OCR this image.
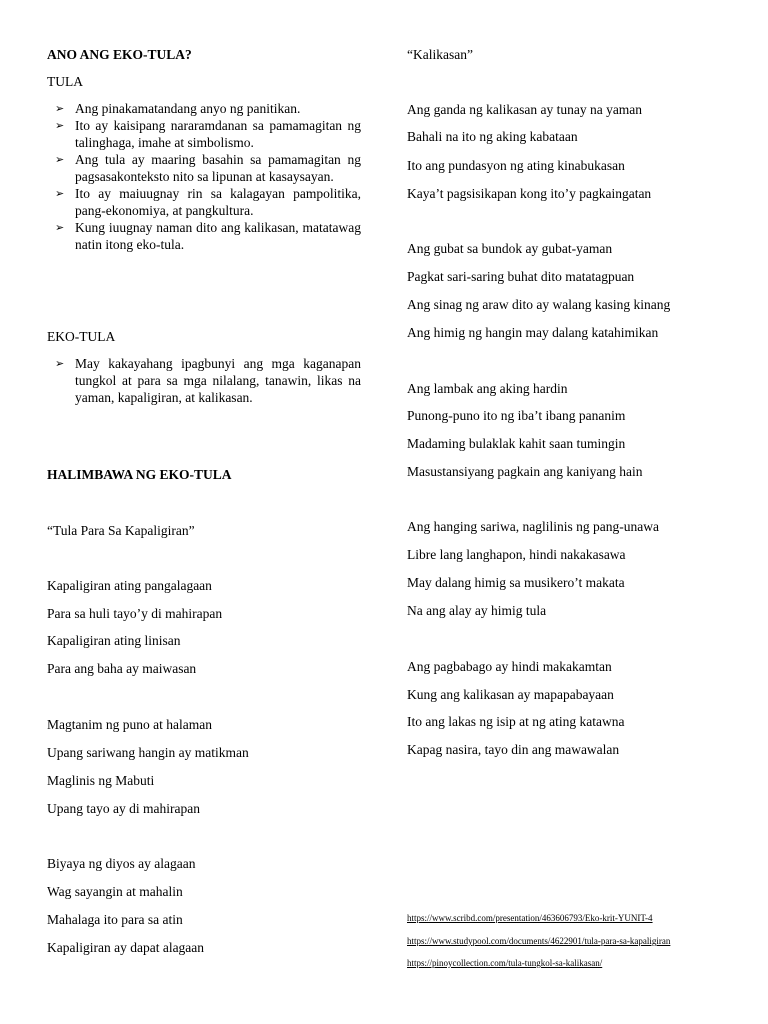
ANO ANG EKO-TULA?
TULA
➢ Ang pinakamatandang anyo ng panitikan.
➢ Ito ay kaisipang nararamdanan sa pamamagitan ng talinghaga, imahe at simbolismo.
➢ Ang tula ay maaring basahin sa pamamagitan ng pagsasakonteksto nito sa lipunan at kasaysayan.
➢ Ito ay maiuugnay rin sa kalagayan pampolitika, pang-ekonomiya, at pangkultura.
➢ Kung iuugnay naman dito ang kalikasan, matatawag natin itong eko-tula.
EKO-TULA
➢ May kakayahang ipagbunyi ang mga kaganapan tungkol at para sa mga nilalang, tanawin, likas na yaman, kapaligiran, at kalikasan.
HALIMBAWA NG EKO-TULA
“Tula Para Sa Kapaligiran”
Kapaligiran ating pangalagaan
Para sa huli tayo’y di mahirapan
Kapaligiran ating linisan
Para ang baha ay maiwasan
Magtanim ng puno at halaman
Upang sariwang hangin ay matikman
Maglinis ng Mabuti
Upang tayo ay di mahirapan
Biyaya ng diyos ay alagaan
Wag sayangin at mahalin
Mahalaga ito para sa atin
Kapaligiran ay dapat alagaan
“Kalikasan”
Ang ganda ng kalikasan ay tunay na yaman
Bahali na ito ng aking kabataan
Ito ang pundasyon ng ating kinabukasan
Kaya’t pagsisikapan kong ito’y pagkaingatan
Ang gubat sa bundok ay gubat-yaman
Pagkat sari-saring buhat dito matatagpuan
Ang sinag ng araw dito ay walang kasing kinang
Ang himig ng hangin may dalang katahimikan
Ang lambak ang aking hardin
Punong-puno ito ng iba’t ibang pananim
Madaming bulaklak kahit saan tumingin
Masustansiyang pagkain ang kaniyang hain
Ang hanging sariwa, naglilinis ng pang-unawa
Libre lang langhapon, hindi nakakasawa
May dalang himig sa musikero’t makata
Na ang alay ay himig tula
Ang pagbabago ay hindi makakamtan
Kung ang kalikasan ay mapapabayaan
Ito ang lakas ng isip at ng ating katawna
Kapag nasira, tayo din ang mawawalan
https://www.scribd.com/presentation/463606793/Eko-krit-YUNIT-4
https://www.studypool.com/documents/4622901/tula-para-sa-kapaligiran
https://pinoycollection.com/tula-tungkol-sa-kalikasan/
